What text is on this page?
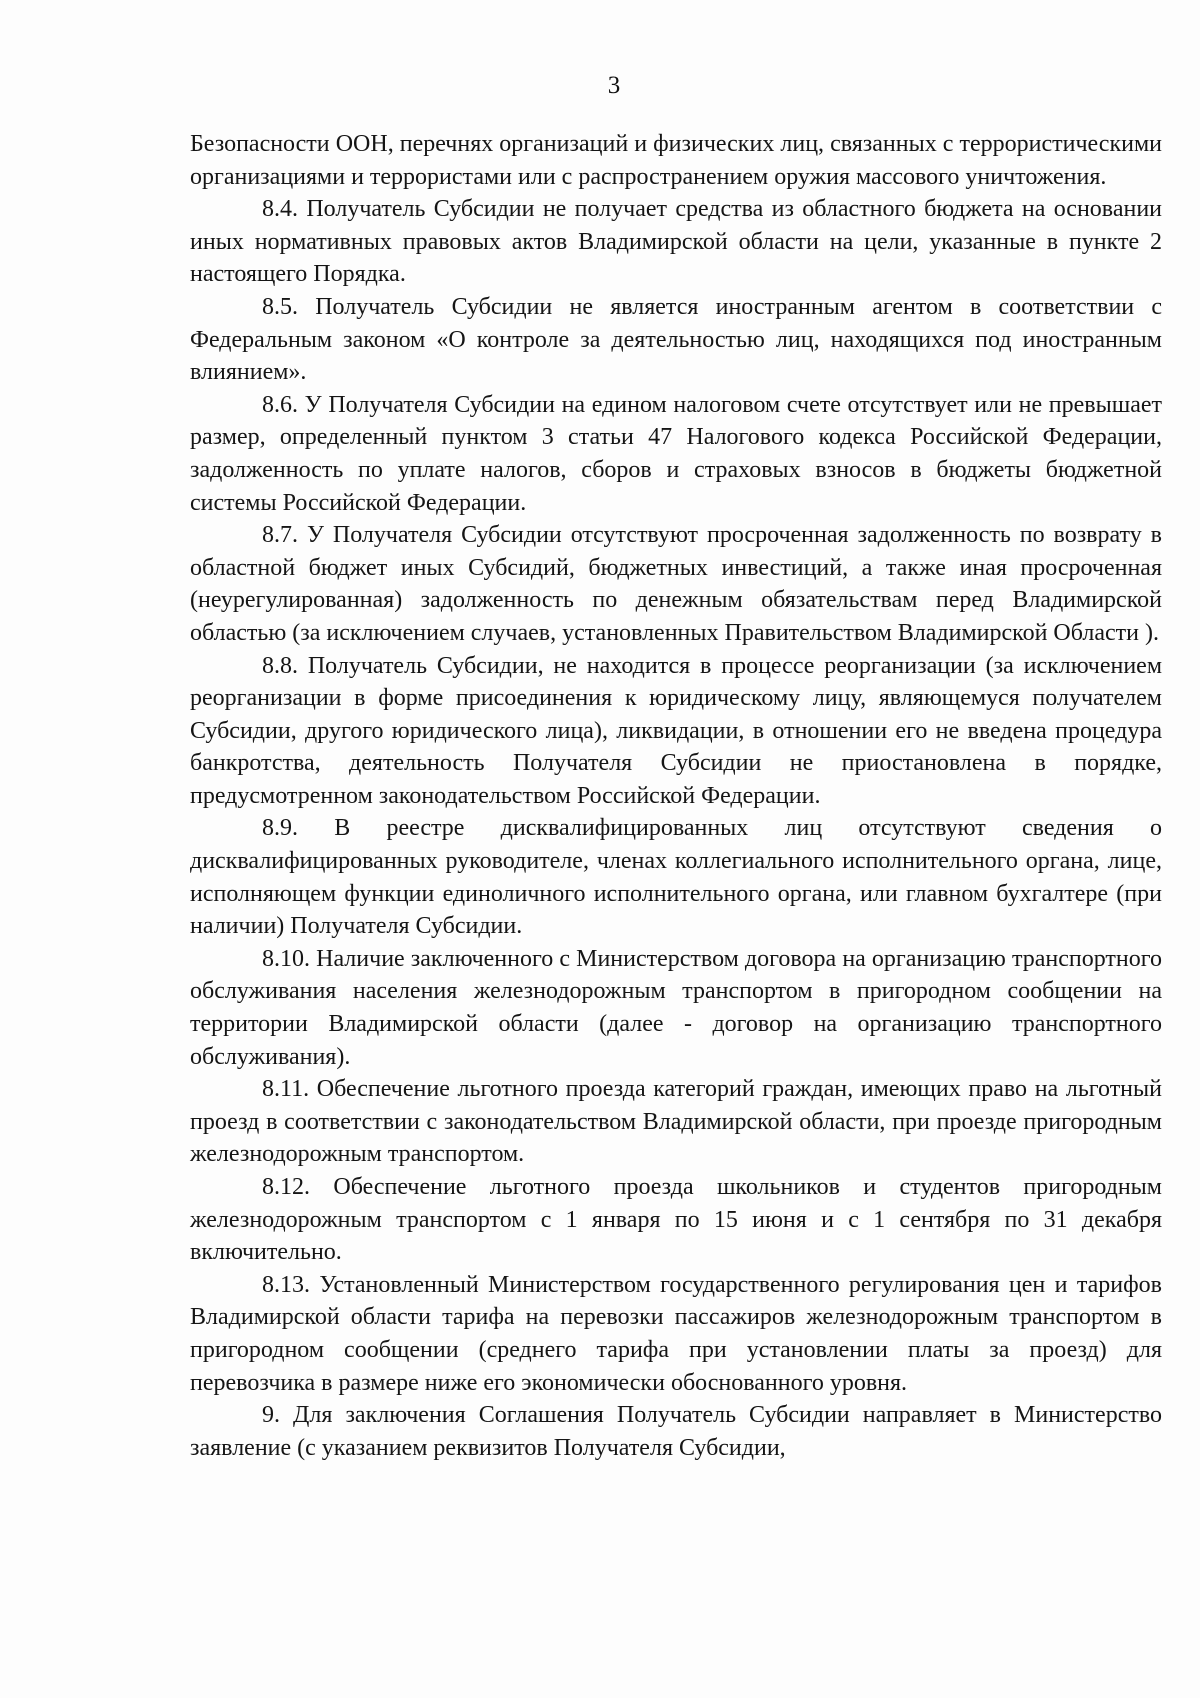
3

Безопасности ООН, перечнях организаций и физических лиц, связанных с террористическими организациями и террористами или с распространением оружия массового уничтожения.

8.4. Получатель Субсидии не получает средства из областного бюджета на основании иных нормативных правовых актов Владимирской области на цели, указанные в пункте 2 настоящего Порядка.

8.5. Получатель Субсидии не является иностранным агентом в соответствии с Федеральным законом «О контроле за деятельностью лиц, находящихся под иностранным влиянием».

8.6. У Получателя Субсидии на едином налоговом счете отсутствует или не превышает размер, определенный пунктом 3 статьи 47 Налогового кодекса Российской Федерации, задолженность по уплате налогов, сборов и страховых взносов в бюджеты бюджетной системы Российской Федерации.

8.7. У Получателя Субсидии отсутствуют просроченная задолженность по возврату в областной бюджет иных Субсидий, бюджетных инвестиций, а также иная просроченная (неурегулированная) задолженность по денежным обязательствам перед Владимирской областью (за исключением случаев, установленных Правительством Владимирской Области ).

8.8. Получатель Субсидии, не находится в процессе реорганизации (за исключением реорганизации в форме присоединения к юридическому лицу, являющемуся получателем Субсидии, другого юридического лица), ликвидации, в отношении его не введена процедура банкротства, деятельность Получателя Субсидии не приостановлена в порядке, предусмотренном законодательством Российской Федерации.

8.9. В реестре дисквалифицированных лиц отсутствуют сведения о дисквалифицированных руководителе, членах коллегиального исполнительного органа, лице, исполняющем функции единоличного исполнительного органа, или главном бухгалтере (при наличии) Получателя Субсидии.

8.10. Наличие заключенного с Министерством договора на организацию транспортного обслуживания населения железнодорожным транспортом в пригородном сообщении на территории Владимирской области (далее - договор на организацию транспортного обслуживания).

8.11. Обеспечение льготного проезда категорий граждан, имеющих право на льготный проезд в соответствии с законодательством Владимирской области, при проезде пригородным железнодорожным транспортом.

8.12. Обеспечение льготного проезда школьников и студентов пригородным железнодорожным транспортом с 1 января по 15 июня и с 1 сентября по 31 декабря включительно.

8.13. Установленный Министерством государственного регулирования цен и тарифов Владимирской области тарифа на перевозки пассажиров железнодорожным транспортом в пригородном сообщении (среднего тарифа при установлении платы за проезд) для перевозчика в размере ниже его экономически обоснованного уровня.

9. Для заключения Соглашения Получатель Субсидии направляет в Министерство заявление (с указанием реквизитов Получателя Субсидии,
